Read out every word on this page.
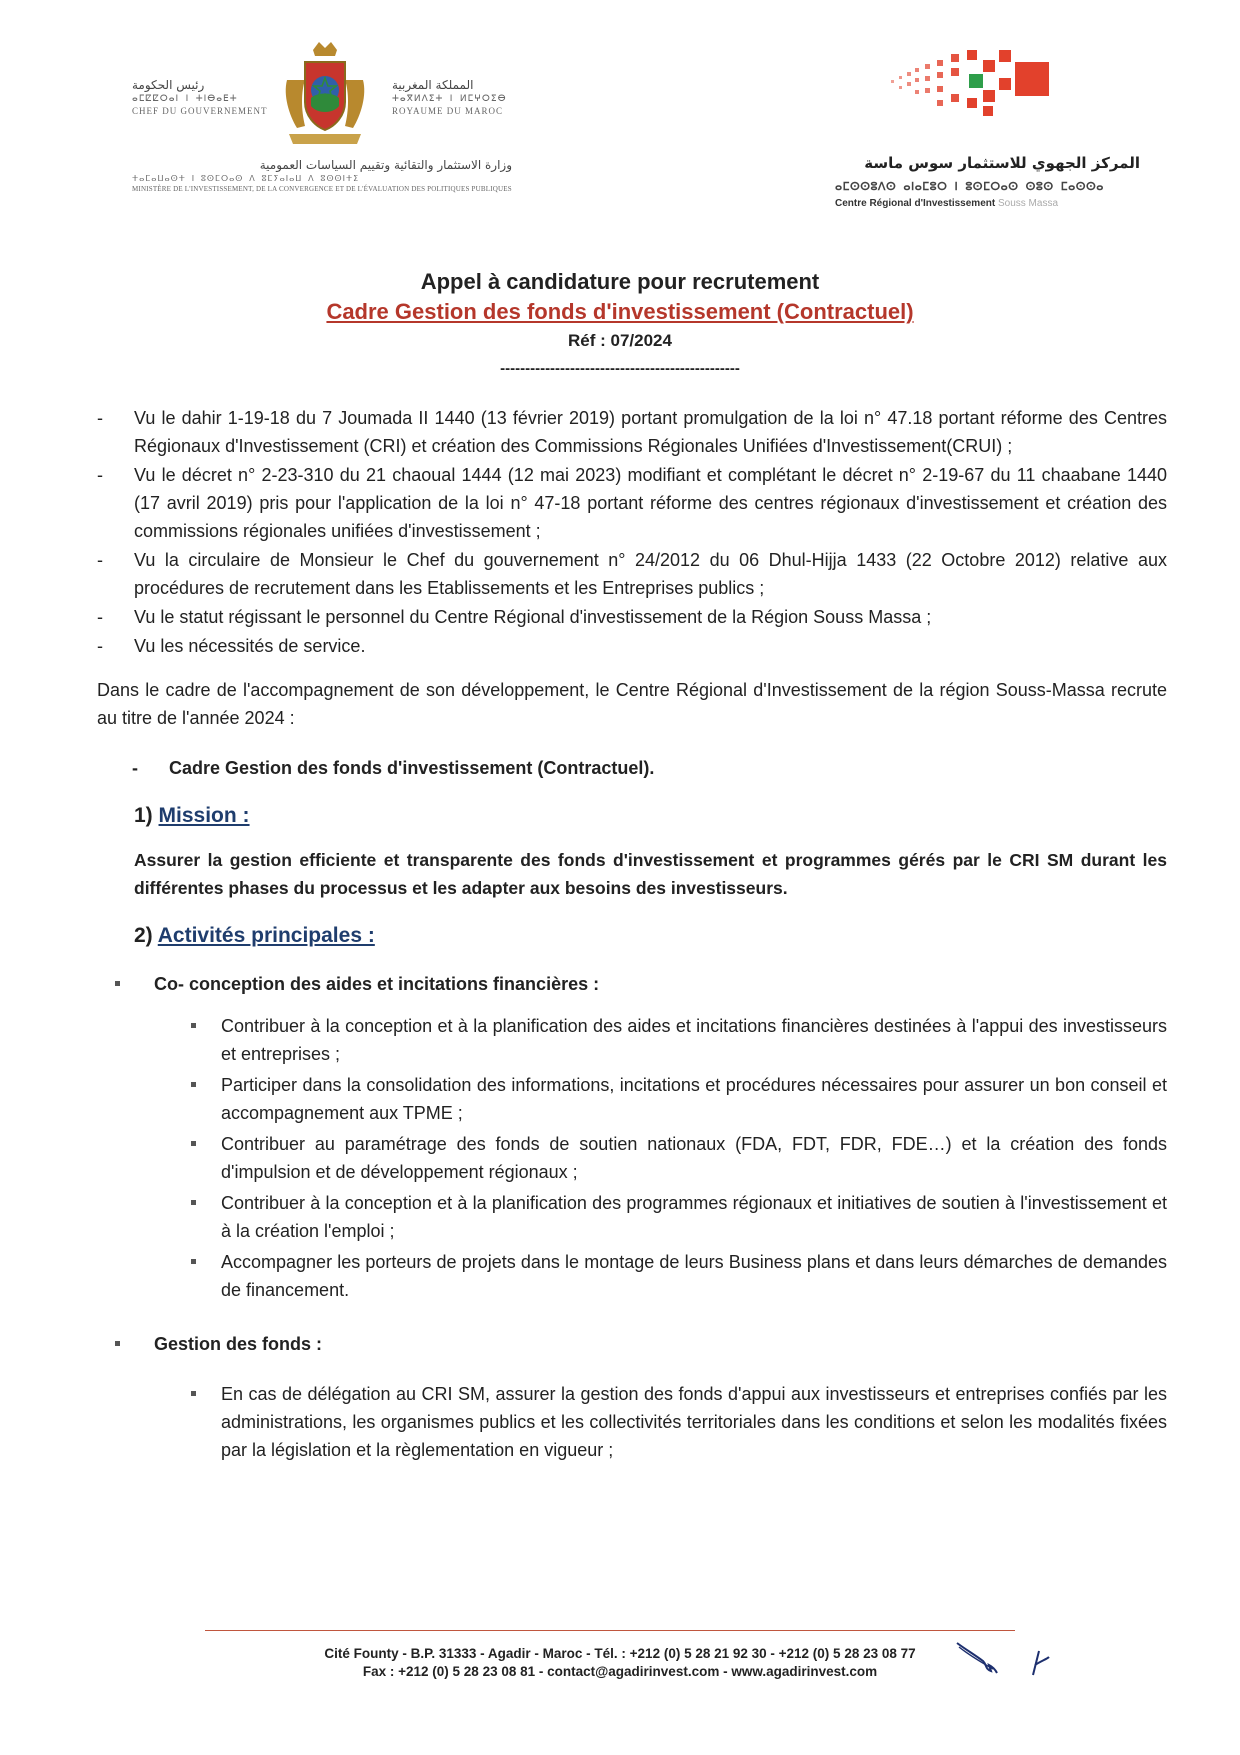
رئيس الحكومة
ⴰⵎⵇⵇⵔⴰⵏ ⵏ ⵜⵏⴱⴰⴹⵜ
CHEF DU GOUVERNEMENT
المملكة المغربية
ⵜⴰⴳⵍⴷⵉⵜ ⵏ ⵍⵎⵖⵔⵉⴱ
ROYAUME DU MAROC
وزارة الاستثمار والتقائية وتقييم السياسات العمومية
ⵜⴰⵎⴰⵡⴰⵙⵜ ⵏ ⵓⵙⵎⵔⴰⵙ ⴷ ⵓⵎⵢⴰⵏⴰⵡ ⴷ ⵓⵙⵙⵏⵜⵉ
MINISTÈRE DE L'INVESTISSEMENT, DE LA CONVERGENCE ET DE L'ÉVALUATION DES POLITIQUES PUBLIQUES
المركز الجهوي للاستثمار سوس ماسة
ⴰⵎⵙⵙⵓⴷⵙ ⴰⵏⴰⵎⵓⵔ ⵏ ⵓⵙⵎⵔⴰⵙ ⵙⵓⵙ ⵎⴰⵙⵙⴰ
Centre Régional d'Investissement Souss Massa
Appel à candidature pour recrutement
Cadre Gestion des fonds d'investissement (Contractuel)
Réf : 07/2024
------------------------------------------------
- Vu le dahir 1-19-18 du 7 Joumada II 1440 (13 février 2019) portant promulgation de la loi n° 47.18 portant réforme des Centres Régionaux d'Investissement (CRI) et création des Commissions Régionales Unifiées d'Investissement(CRUI) ;
- Vu le décret n° 2-23-310 du 21 chaoual 1444 (12 mai 2023) modifiant et complétant le décret n° 2-19-67 du 11 chaabane 1440 (17 avril 2019) pris pour l'application de la loi n° 47-18 portant réforme des centres régionaux d'investissement et création des commissions régionales unifiées d'investissement ;
- Vu la circulaire de Monsieur le Chef du gouvernement n° 24/2012 du 06 Dhul-Hijja 1433 (22 Octobre 2012) relative aux procédures de recrutement dans les Etablissements et les Entreprises publics ;
- Vu le statut régissant le personnel du Centre Régional d'investissement de la Région Souss Massa ;
- Vu les nécessités de service.
Dans le cadre de l'accompagnement de son développement, le Centre Régional d'Investissement de la région Souss-Massa recrute au titre de l'année 2024 :
- Cadre Gestion des fonds d'investissement (Contractuel).
1) Mission :
Assurer la gestion efficiente et transparente des fonds d'investissement et programmes gérés par le CRI SM durant les différentes phases du processus et les adapter aux besoins des investisseurs.
2) Activités principales :
Co- conception des aides et incitations financières :
Contribuer à la conception et à la planification des aides et incitations financières destinées à l'appui des investisseurs et entreprises ;
Participer dans la consolidation des informations, incitations et procédures nécessaires pour assurer un bon conseil et accompagnement aux TPME ;
Contribuer au paramétrage des fonds de soutien nationaux (FDA, FDT, FDR, FDE…) et la création des fonds d'impulsion et de développement régionaux ;
Contribuer à la conception et à la planification des programmes régionaux et initiatives de soutien à l'investissement et à la création l'emploi ;
Accompagner les porteurs de projets dans le montage de leurs Business plans et dans leurs démarches de demandes de financement.
Gestion des fonds :
En cas de délégation au CRI SM, assurer la gestion des fonds d'appui aux investisseurs et entreprises confiés par les administrations, les organismes publics et les collectivités territoriales dans les conditions et selon les modalités fixées par la législation et la règlementation en vigueur ;
Cité Founty - B.P. 31333 - Agadir - Maroc - Tél. : +212 (0) 5 28 21 92 30 - +212 (0) 5 28 23 08 77
Fax : +212 (0) 5 28 23 08 81 - contact@agadirinvest.com - www.agadirinvest.com
